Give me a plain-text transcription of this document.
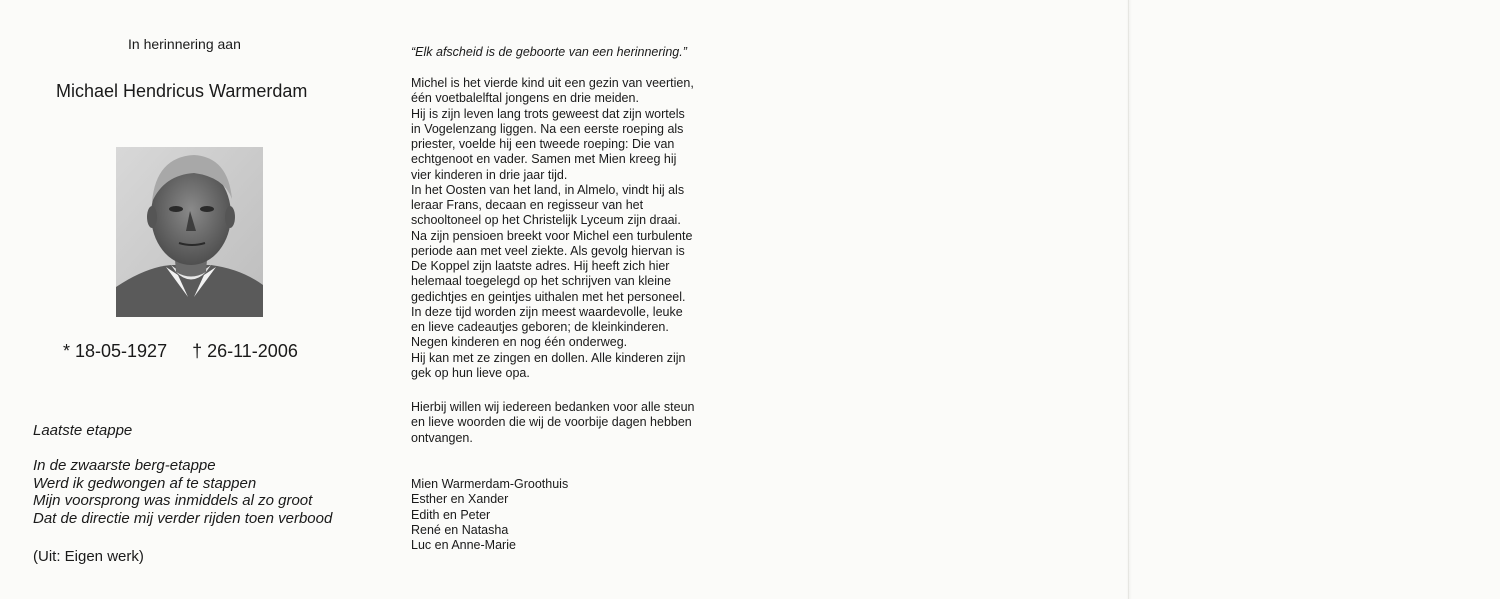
In herinnering aan
Michael Hendricus Warmerdam
* 18-05-1927     † 26-11-2006
Laatste etappe
In de zwaarste berg-etappe
Werd ik gedwongen af te stappen
Mijn voorsprong was inmiddels al zo groot
Dat de directie mij verder rijden toen verbood
(Uit: Eigen werk)
“Elk afscheid is de geboorte van een herinnering.”
Michel is het vierde kind uit een gezin van veertien,
één voetbalelftal jongens en drie meiden.
Hij is zijn leven lang trots geweest dat zijn wortels
in Vogelenzang liggen. Na een eerste roeping als
priester, voelde hij een tweede roeping: Die van
echtgenoot en vader. Samen met Mien kreeg hij
vier kinderen in drie jaar tijd.
In het Oosten van het land, in Almelo, vindt hij als
leraar Frans, decaan en regisseur van het
schooltoneel op het Christelijk Lyceum zijn draai.
Na zijn pensioen breekt voor Michel een turbulente
periode aan met veel ziekte. Als gevolg hiervan is
De Koppel zijn laatste adres. Hij heeft zich hier
helemaal toegelegd op het schrijven van kleine
gedichtjes en geintjes uithalen met het personeel.
In deze tijd worden zijn meest waardevolle, leuke
en lieve cadeautjes geboren; de kleinkinderen.
Negen kinderen en nog één onderweg.
Hij kan met ze zingen en dollen. Alle kinderen zijn
gek op hun lieve opa.
Hierbij willen wij iedereen bedanken voor alle steun
en lieve woorden die wij de voorbije dagen hebben
ontvangen.
Mien Warmerdam-Groothuis
Esther en Xander
Edith en Peter
René en Natasha
Luc en Anne-Marie
